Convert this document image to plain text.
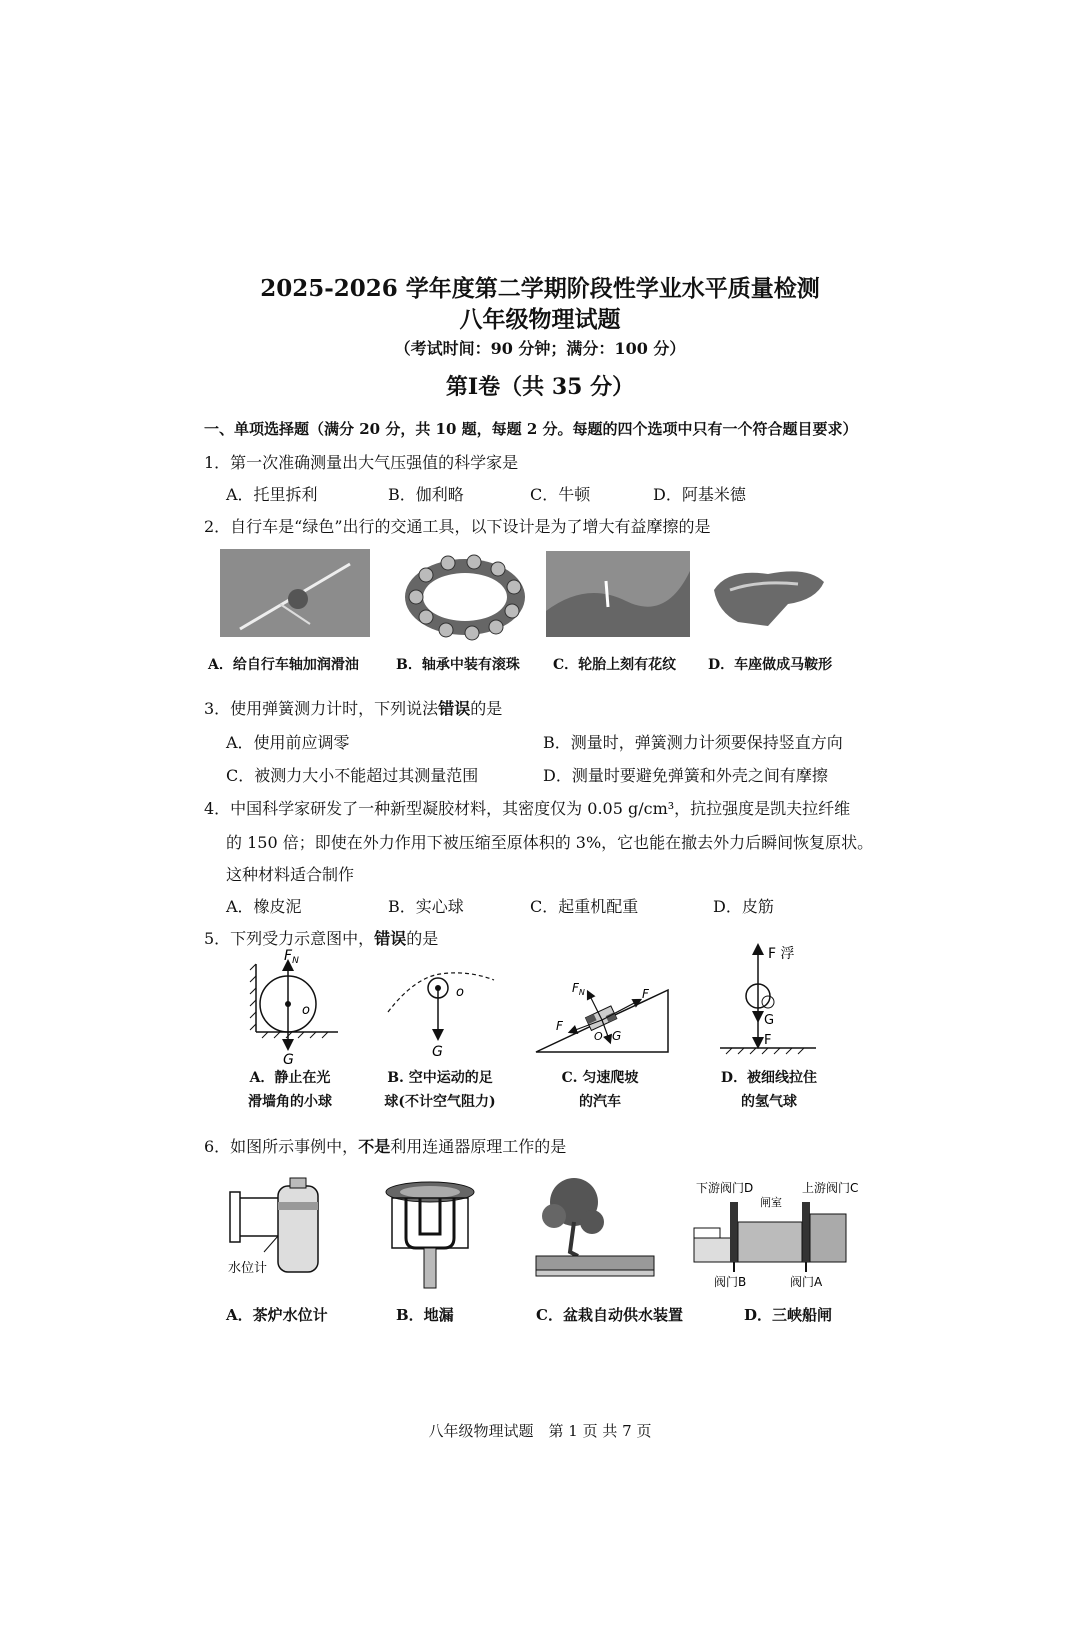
2025-2026 学年度第二学期阶段性学业水平质量检测
八年级物理试题
（考试时间：90 分钟；满分：100 分）
第Ⅰ卷（共 35 分）
一、单项选择题（满分 20 分，共 10 题，每题 2 分。每题的四个选项中只有一个符合题目要求）
1．第一次准确测量出大气压强值的科学家是
A．托里拆利	B．伽利略	C．牛顿	D．阿基米德
2．自行车是“绿色”出行的交通工具，以下设计是为了增大有益摩擦的是
A．给自行车轴加润滑油	B．轴承中装有滚珠 C．轮胎上刻有花纹 D．车座做成马鞍形
3．使用弹簧测力计时，下列说法错误的是
A．使用前应调零	B．测量时，弹簧测力计须要保持竖直方向
C．被测力大小不能超过其测量范围	D．测量时要避免弹簧和外壳之间有摩擦
4．中国科学家研发了一种新型凝胶材料，其密度仅为 0.05 g/cm³，抗拉强度是凯夫拉纤维
的 150 倍；即使在外力作用下被压缩至原体积的 3%，它也能在撤去外力后瞬间恢复原状。
这种材料适合制作
A．橡皮泥	B．实心球	C．起重机配重	D．皮筋
5．下列受力示意图中，错误的是
$F_N$
o
G
o
G
$F_N$	F
F
O G
F 浮
G
F
A．静止在光
滑墙角的小球
B. 空中运动的足
球(不计空气阻力)
C. 匀速爬坡
的汽车
D．被细线拉住
的氢气球
6．如图所示事例中，不是利用连通器原理工作的是
水位计
下游阀门D	上游阀门C
闸室
阀门B	阀门A
A．茶炉水位计	B．地漏	C．盆栽自动供水装置	D．三峡船闸
八年级物理试题　第 1 页 共 7 页
